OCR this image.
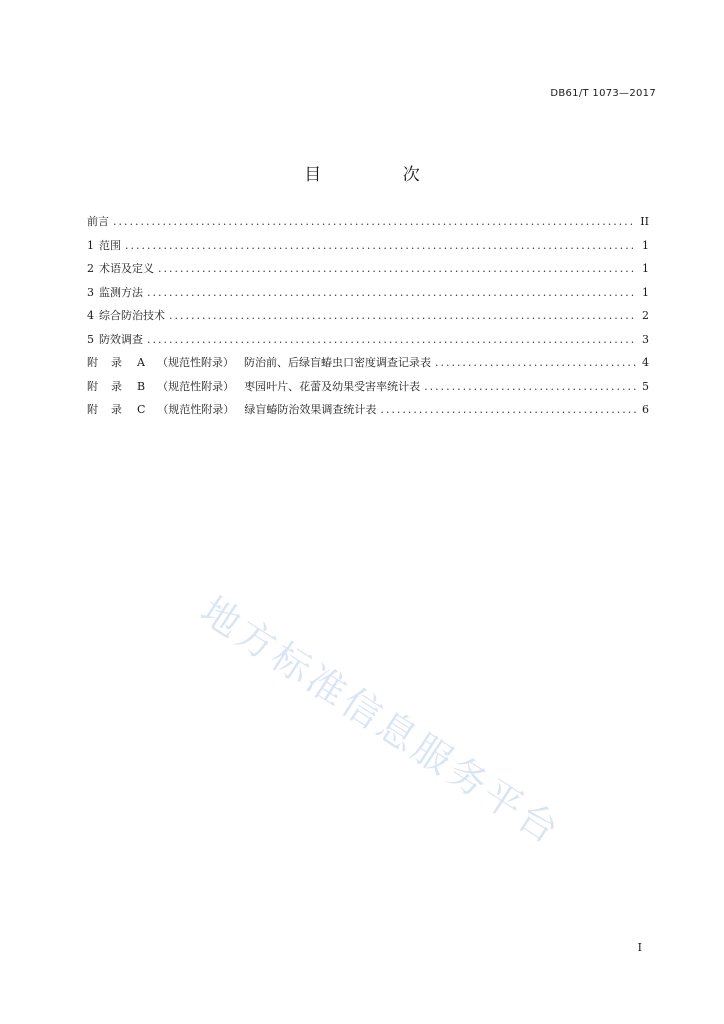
DB61/T 1073—2017
目 次
前言 .....	II
1 范围 .....	1
2 术语及定义 .....	1
3 监测方法 .....	1
4 综合防治技术 .....	2
5 防效调查 .....	3
附录 A （规范性附录） 防治前、后绿盲蝽虫口密度调查记录表 .....	4
附录 B （规范性附录） 枣园叶片、花蕾及幼果受害率统计表 .....	5
附录 C （规范性附录） 绿盲蝽防治效果调查统计表 .....	6
地方标准信息服务平台
I
